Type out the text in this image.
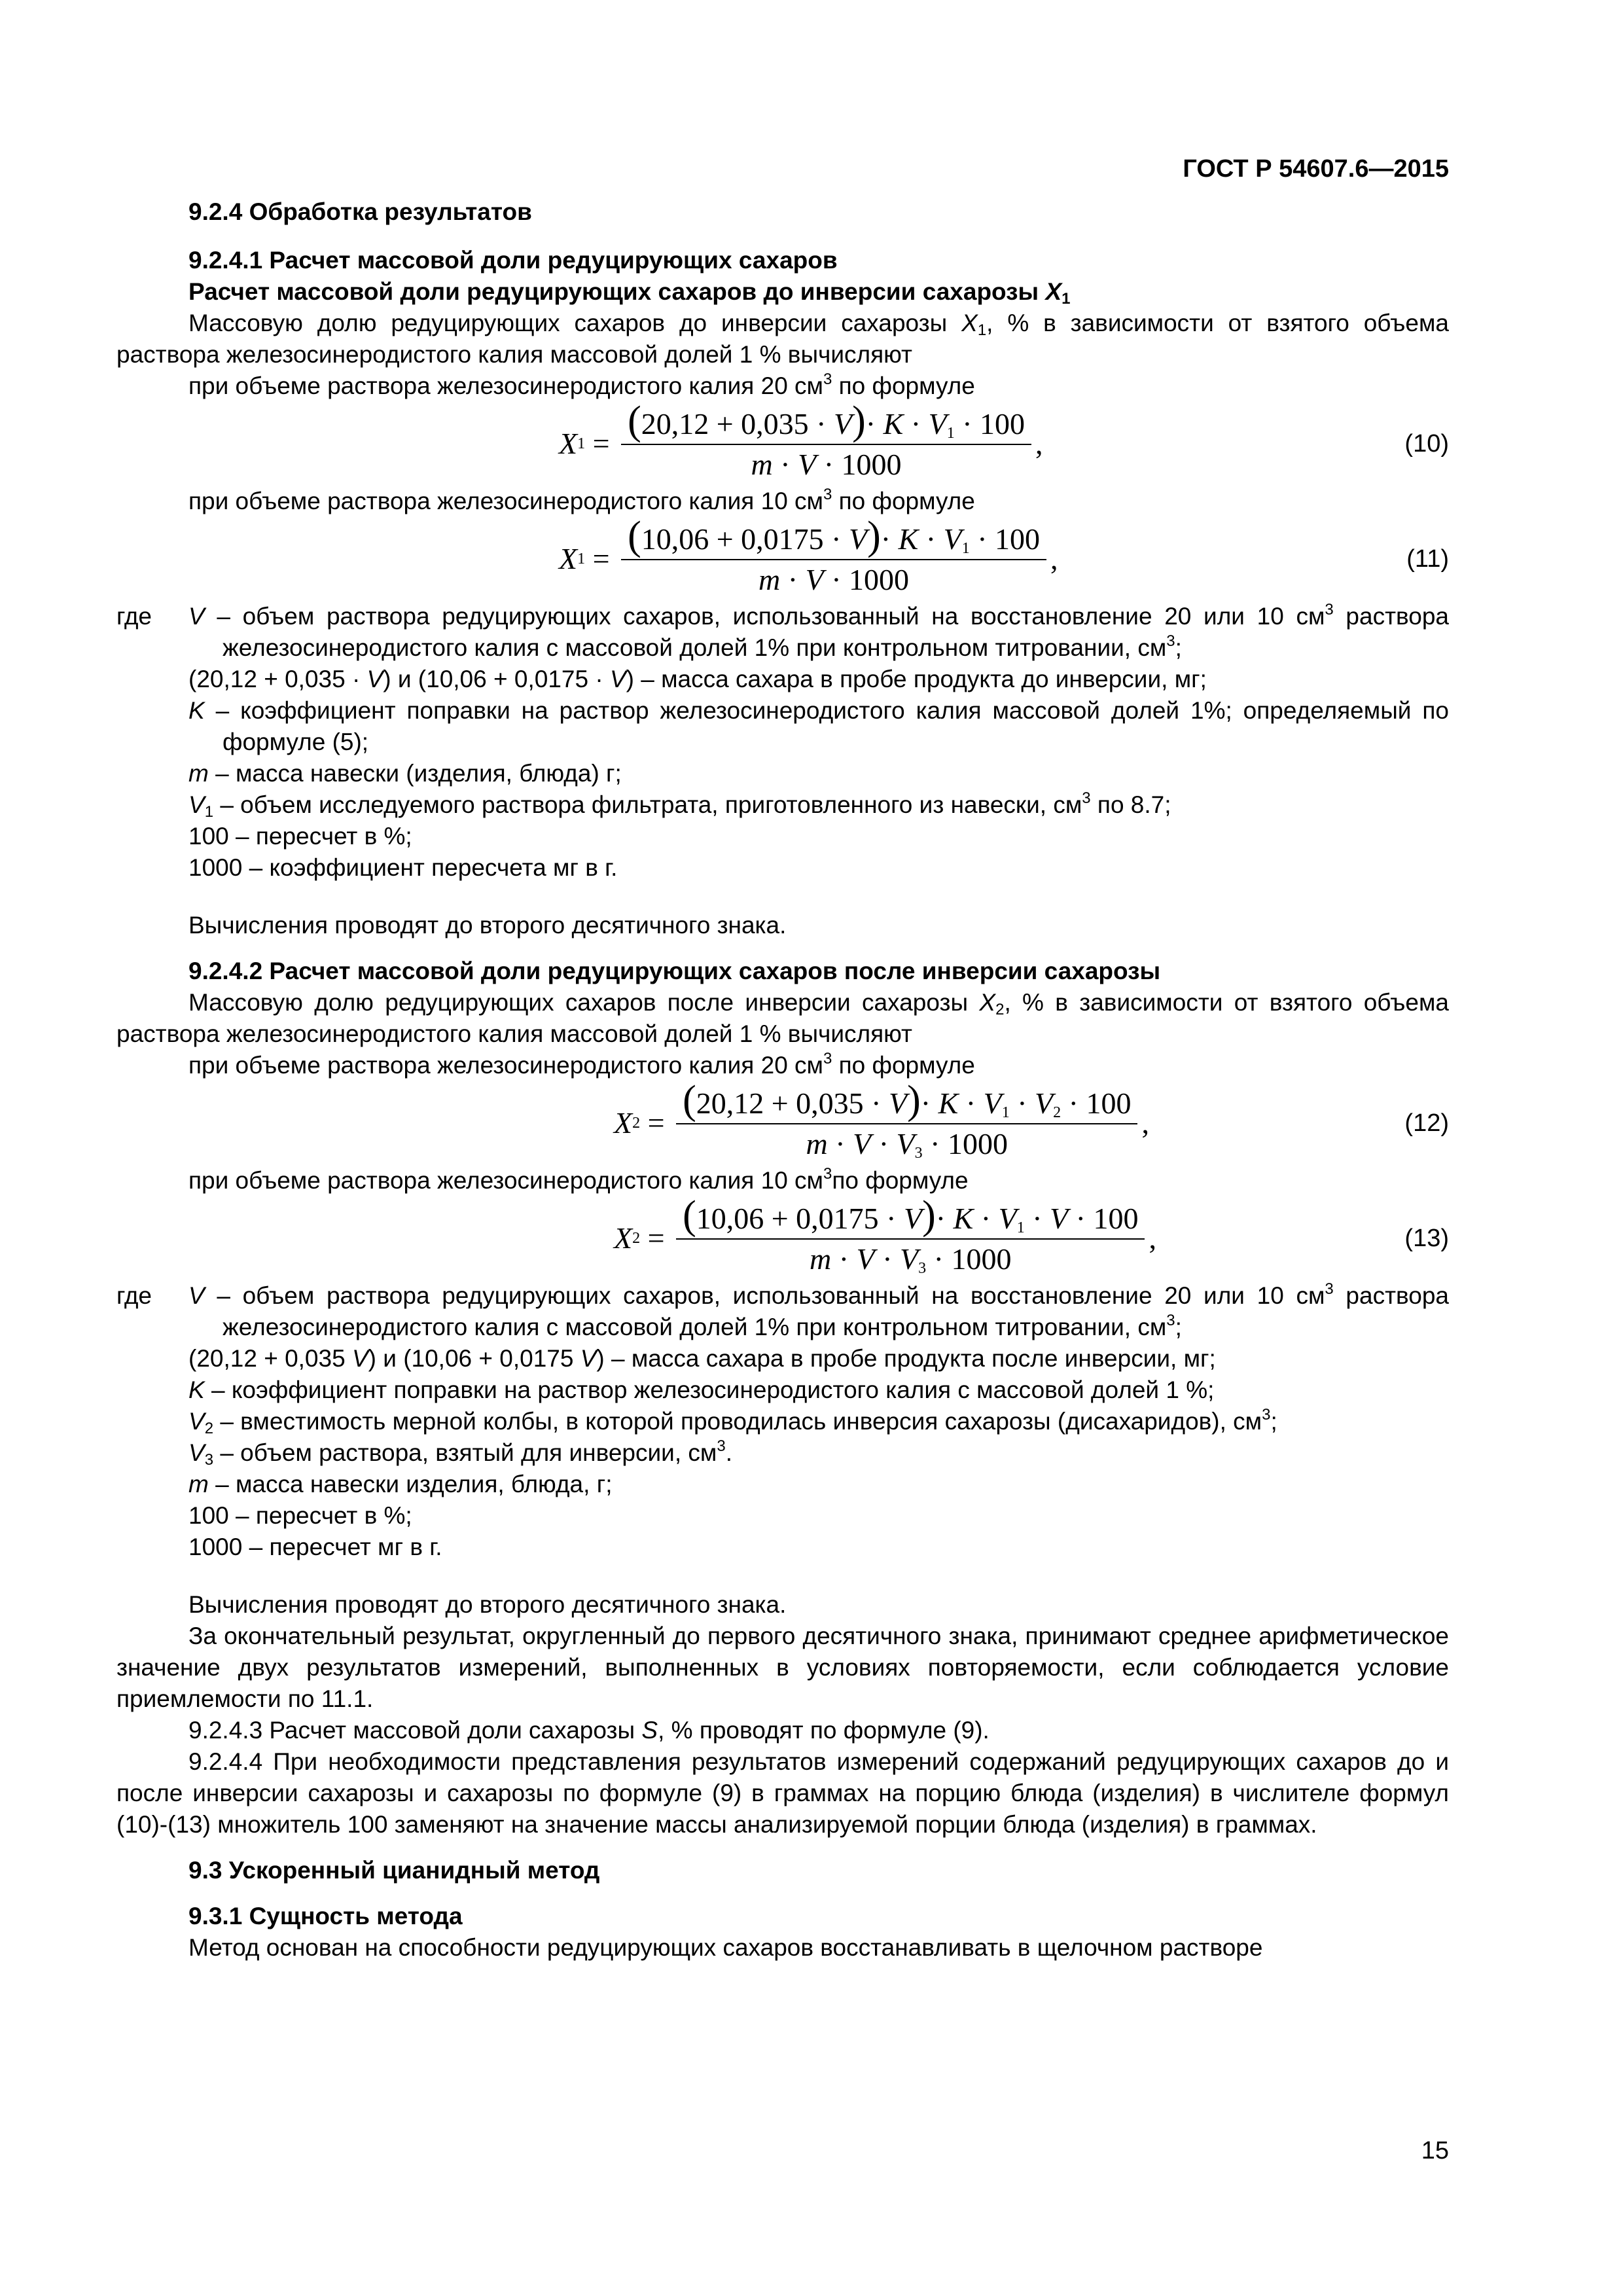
ГОСТ Р 54607.6—2015
9.2.4 Обработка результатов
9.2.4.1 Расчет массовой доли редуцирующих сахаров
Расчет массовой доли редуцирующих сахаров до инверсии сахарозы $X_1$
Массовую долю редуцирующих сахаров до инверсии сахарозы $X_1$, % в зависимости от взятого объема раствора железосинеродистого калия массовой долей 1 % вычисляют
при объеме раствора железосинеродистого калия 20 $см^3$ по формуле
X $1 = \frac{(20,12 + 0,035 \cdot V)\cdot K \cdot V_1 \cdot 100}{m \cdot V \cdot 1000}$ ,	(10)
при объеме раствора железосинеродистого калия 10 $см^3$ по формуле
X $1 = \frac{(10,06 + 0,0175 \cdot V)\cdot K \cdot V_1 \cdot 100}{m \cdot V \cdot 1000}$ ,	(11)
где V – объем раствора редуцирующих сахаров, использованный на восстановление 20 или 10 $см^3$ раствора железосинеродистого калия с массовой долей 1% при контрольном титровании, $см^3$;
(20,12 + 0,035 · V) и (10,06 + 0,0175 · V) – масса сахара в пробе продукта до инверсии, мг;
K – коэффициент поправки на раствор железосинеродистого калия массовой долей 1%; определяемый по формуле (5);
m – масса навески (изделия, блюда) г;
$V_1$ – объем исследуемого раствора фильтрата, приготовленного из навески, $см^3$ по 8.7;
100 – пересчет в %;
1000 – коэффициент пересчета мг в г.
Вычисления проводят до второго десятичного знака.
9.2.4.2 Расчет массовой доли редуцирующих сахаров после инверсии сахарозы
Массовую долю редуцирующих сахаров после инверсии сахарозы $X_2$, % в зависимости от взятого объема раствора железосинеродистого калия массовой долей 1 % вычисляют
при объеме раствора железосинеродистого калия 20 $см^3$ по формуле
X $2 = \frac{(20,12 + 0,035 \cdot V)\cdot K \cdot V_1 \cdot V_2 \cdot 100}{m \cdot V \cdot V_3 \cdot 1000}$ ,	(12)
при объеме раствора железосинеродистого калия 10 $см^3по$ формуле
X $2 = \frac{(10,06 + 0,0175 \cdot V)\cdot K \cdot V_1 \cdot V \cdot 100}{m \cdot V \cdot V_3 \cdot 1000}$ ,	(13)
где V – объем раствора редуцирующих сахаров, использованный на восстановление 20 или 10 $см^3$ раствора железосинеродистого калия с массовой долей 1% при контрольном титровании, $см^3$;
(20,12 + 0,035 V) и (10,06 + 0,0175 V) – масса сахара в пробе продукта после инверсии, мг;
K – коэффициент поправки на раствор железосинеродистого калия с массовой долей 1 %;
$V_2$ – вместимость мерной колбы, в которой проводилась инверсия сахарозы (дисахаридов), $см^3$;
$V_3$ – объем раствора, взятый для инверсии, $см^3$.
m – масса навески изделия, блюда, г;
100 – пересчет в %;
1000 – пересчет мг в г.
Вычисления проводят до второго десятичного знака.
За окончательный результат, округленный до первого десятичного знака, принимают среднее арифметическое значение двух результатов измерений, выполненных в условиях повторяемости, если соблюдается условие приемлемости по 11.1.
9.2.4.3 Расчет массовой доли сахарозы S, % проводят по формуле (9).
9.2.4.4 При необходимости представления результатов измерений содержаний редуцирующих сахаров до и после инверсии сахарозы и сахарозы по формуле (9) в граммах на порцию блюда (изделия) в числителе формул (10)-(13) множитель 100 заменяют на значение массы анализируемой порции блюда (изделия) в граммах.
9.3 Ускоренный цианидный метод
9.3.1 Сущность метода
Метод основан на способности редуцирующих сахаров восстанавливать в щелочном растворе
15
